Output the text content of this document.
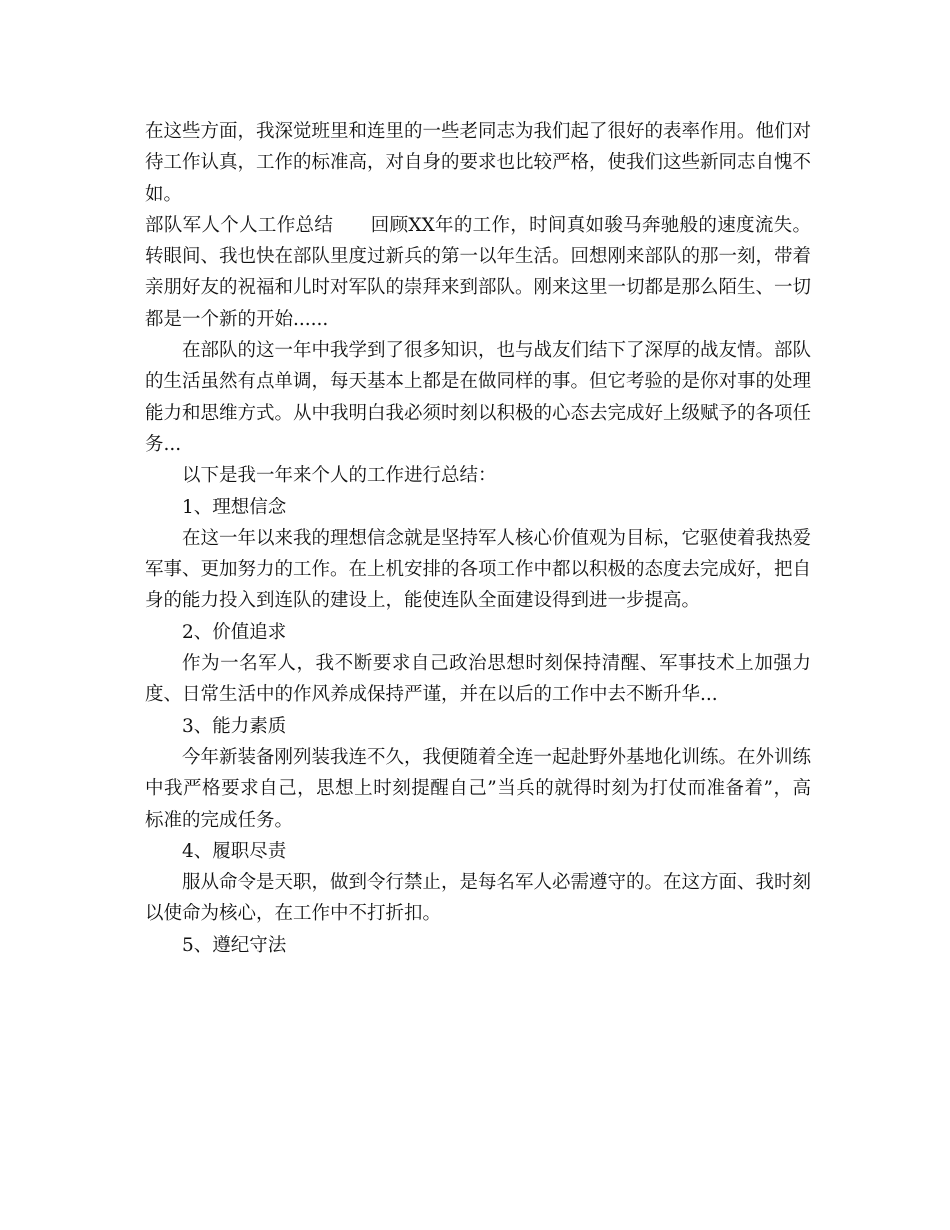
在这些方面，我深觉班里和连里的一些老同志为我们起了很好的表率作用。他们对待工作认真，工作的标准高，对自身的要求也比较严格，使我们这些新同志自愧不如。

部队军人个人工作总结　　回顾XX年的工作，时间真如骏马奔驰般的速度流失。转眼间、我也快在部队里度过新兵的第一以年生活。回想刚来部队的那一刻，带着亲朋好友的祝福和儿时对军队的崇拜来到部队。刚来这里一切都是那么陌生、一切都是一个新的开始......

在部队的这一年中我学到了很多知识，也与战友们结下了深厚的战友情。部队的生活虽然有点单调，每天基本上都是在做同样的事。但它考验的是你对事的处理能力和思维方式。从中我明白我必须时刻以积极的心态去完成好上级赋予的各项任务...

以下是我一年来个人的工作进行总结：

1、理想信念

在这一年以来我的理想信念就是坚持军人核心价值观为目标，它驱使着我热爱军事、更加努力的工作。在上机安排的各项工作中都以积极的态度去完成好，把自身的能力投入到连队的建设上，能使连队全面建设得到进一步提高。

2、价值追求

作为一名军人，我不断要求自己政治思想时刻保持清醒、军事技术上加强力度、日常生活中的作风养成保持严谨，并在以后的工作中去不断升华...

3、能力素质

今年新装备刚列装我连不久，我便随着全连一起赴野外基地化训练。在外训练中我严格要求自己，思想上时刻提醒自己”当兵的就得时刻为打仗而准备着”，高标准的完成任务。

4、履职尽责

服从命令是天职，做到令行禁止，是每名军人必需遵守的。在这方面、我时刻以使命为核心，在工作中不打折扣。

5、遵纪守法
